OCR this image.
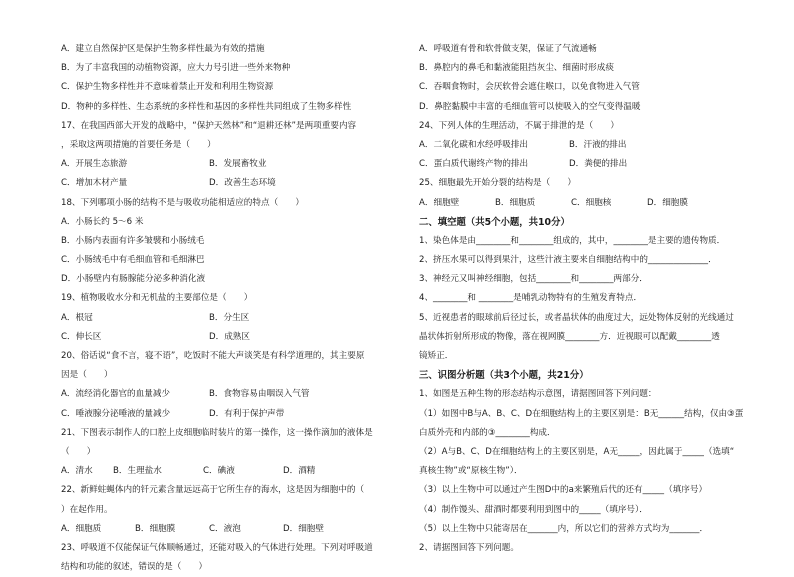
A．建立自然保护区是保护生物多样性最为有效的措施
B．为了丰富我国的动植物资源，应大力号引进一些外来物种
C．保护生物多样性并不意味着禁止开发和利用生物资源
D．物种的多样性、生态系统的多样性和基因的多样性共同组成了生物多样性
17、在我国西部大开发的战略中，“保护天然林”和“退耕还林”是两项重要内容
，采取这两项措施的首要任务是（　　）
A．开展生态旅游	B．发展畜牧业
C．增加木材产量	D．改善生态环境
18、下列哪项小肠的结构不是与吸收功能相适应的特点（　　）
A．小肠长约 5～6 米
B．小肠内表面有许多皱襞和小肠绒毛
C．小肠绒毛中有毛细血管和毛细淋巴
D．小肠壁内有肠腺能分泌多种消化液
19、植物吸收水分和无机盐的主要部位是（　　）
A．根冠	B．分生区
C．伸长区	D．成熟区
20、俗话说“食不言，寝不语”，吃饭时不能大声谈笑是有科学道理的，其主要原
因是（　　）
A．流经消化器官的血量减少	B．食物容易由咽误入气管
C．唾液腺分泌唾液的量减少	D．有利于保护声带
21、下图表示制作人的口腔上皮细胞临时装片的第一操作，这一操作滴加的液体是
（　　）
A．清水	B．生理盐水	C．碘液	D．酒精
22、新鲜蛀蝇体内的钎元素含量远远高于它所生存的海水，这是因为细胞中的（
）在起作用。
A．细胞质	B．细胞膜	C．液泡	D．细胞壁
23、呼吸道不仅能保证气体顺畅通过，还能对吸入的气体进行处理。下列对呼吸道
结构和功能的叙述，错误的是（　　）
A．呼吸道有骨和软骨做支架，保证了气流通畅
B．鼻腔内的鼻毛和黏液能阻挡灰尘、细菌时形成痰
C．吞咽食物时，会厌软骨会遮住喉口，以免食物进入气管
D．鼻腔黏膜中丰富的毛细血管可以使吸入的空气变得温暖
24、下列人体的生理活动，不属于排泄的是（　　）
A．二氧化碳和水经呼吸排出	B．汗液的排出
C．蛋白质代谢终产物的排出	D．粪便的排出
25、细胞最先开始分裂的结构是（　　）
A．细胞壁	B．细胞质	C．细胞核	D．细胞膜
二、填空题（共5个小题，共10分）
1、染色体是由________和________组成的，其中，________是主要的遗传物质．
2、挤压水果可以得到果汁，这些汁液主要来自细胞结构中的______________．
3、神经元又叫神经细胞，包括________和________两部分．
4、________和 ________是哺乳动物特有的生殖发育特点．
5、近视患者的眼球前后径过长，或者晶状体的曲度过大，远处物体反射的光线通过
晶状体折射所形成的物像，落在视网膜________方．近视眼可以配戴________透
镜矫正．
三、识图分析题（共3个小题，共21分）
1、如图是五种生物的形态结构示意图，请据图回答下列问题：
（1）如图中B与A、B、C、D在细胞结构上的主要区别是：B无______结构，仅由③蛋
白质外壳和内部的③________构成．
（2）A与B、C、D在细胞结构上的主要区别是，A无_____，因此属于_____（选填“
真核生物”或“原核生物”）．
（3）以上生物中可以通过产生图D中的a来繁殖后代的还有_____（填序号）
（4）制作馒头、甜酒时都要利用到图中的_____（填序号）．
（5）以上生物中只能寄居在_______内，所以它们的营养方式均为_______．
2、请据图回答下列问题。
